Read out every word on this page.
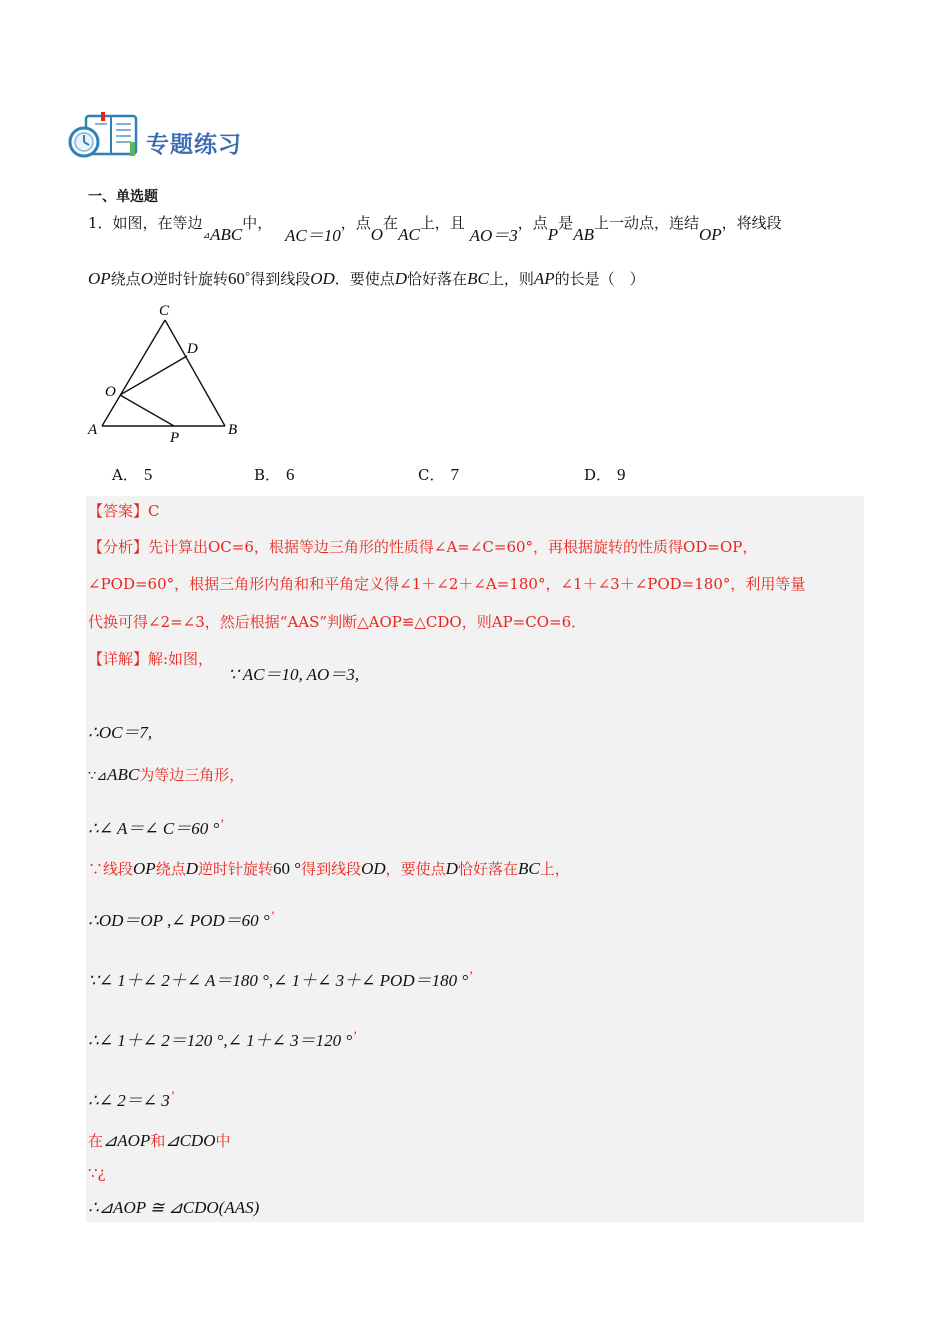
专题练习
一、单选题
1．如图，在等边$_⊿$ABC中， AC＝10，点O在AC上，且 AO＝3，点P是AB上一动点，连结OP，将线段
OP绕点O逆时针旋转60°得到线段OD．要使点D恰好落在BC上，则AP的长是（　）
C
D
O
A	P	B
A． 5	B． 6	C． 7	D． 9
【答案】C
【分析】先计算出OC=6，根据等边三角形的性质得∠A=∠C=60°，再根据旋转的性质得OD=OP，
∠POD=60°，根据三角形内角和和平角定义得∠1＋∠2＋∠A=180°，∠1＋∠3＋∠POD=180°，利用等量
代换可得∠2=∠3，然后根据“AAS”判断△AOP≌△CDO，则AP=CO=6．
【详解】解:如图，
∵ AC＝10, AO＝3,
∴OC＝7,
∵⊿ABC为等边三角形，
∴∠ A＝∠ C＝60 °’
∵线段OP绕点D逆时针旋转60 °得到线段OD，要使点D恰好落在BC上，
∴OD＝OP ,∠ POD＝60 °’
∵∠ 1＋∠ 2＋∠ A＝180 °,∠ 1＋∠ 3＋∠ POD＝180 °’
∴∠ 1＋∠ 2＝120 °,∠ 1＋∠ 3＝120 °’
∴∠ 2＝∠ 3’
在⊿AOP和⊿CDO中
∵¿
∴⊿AOP ≅ ⊿CDO(AAS)
